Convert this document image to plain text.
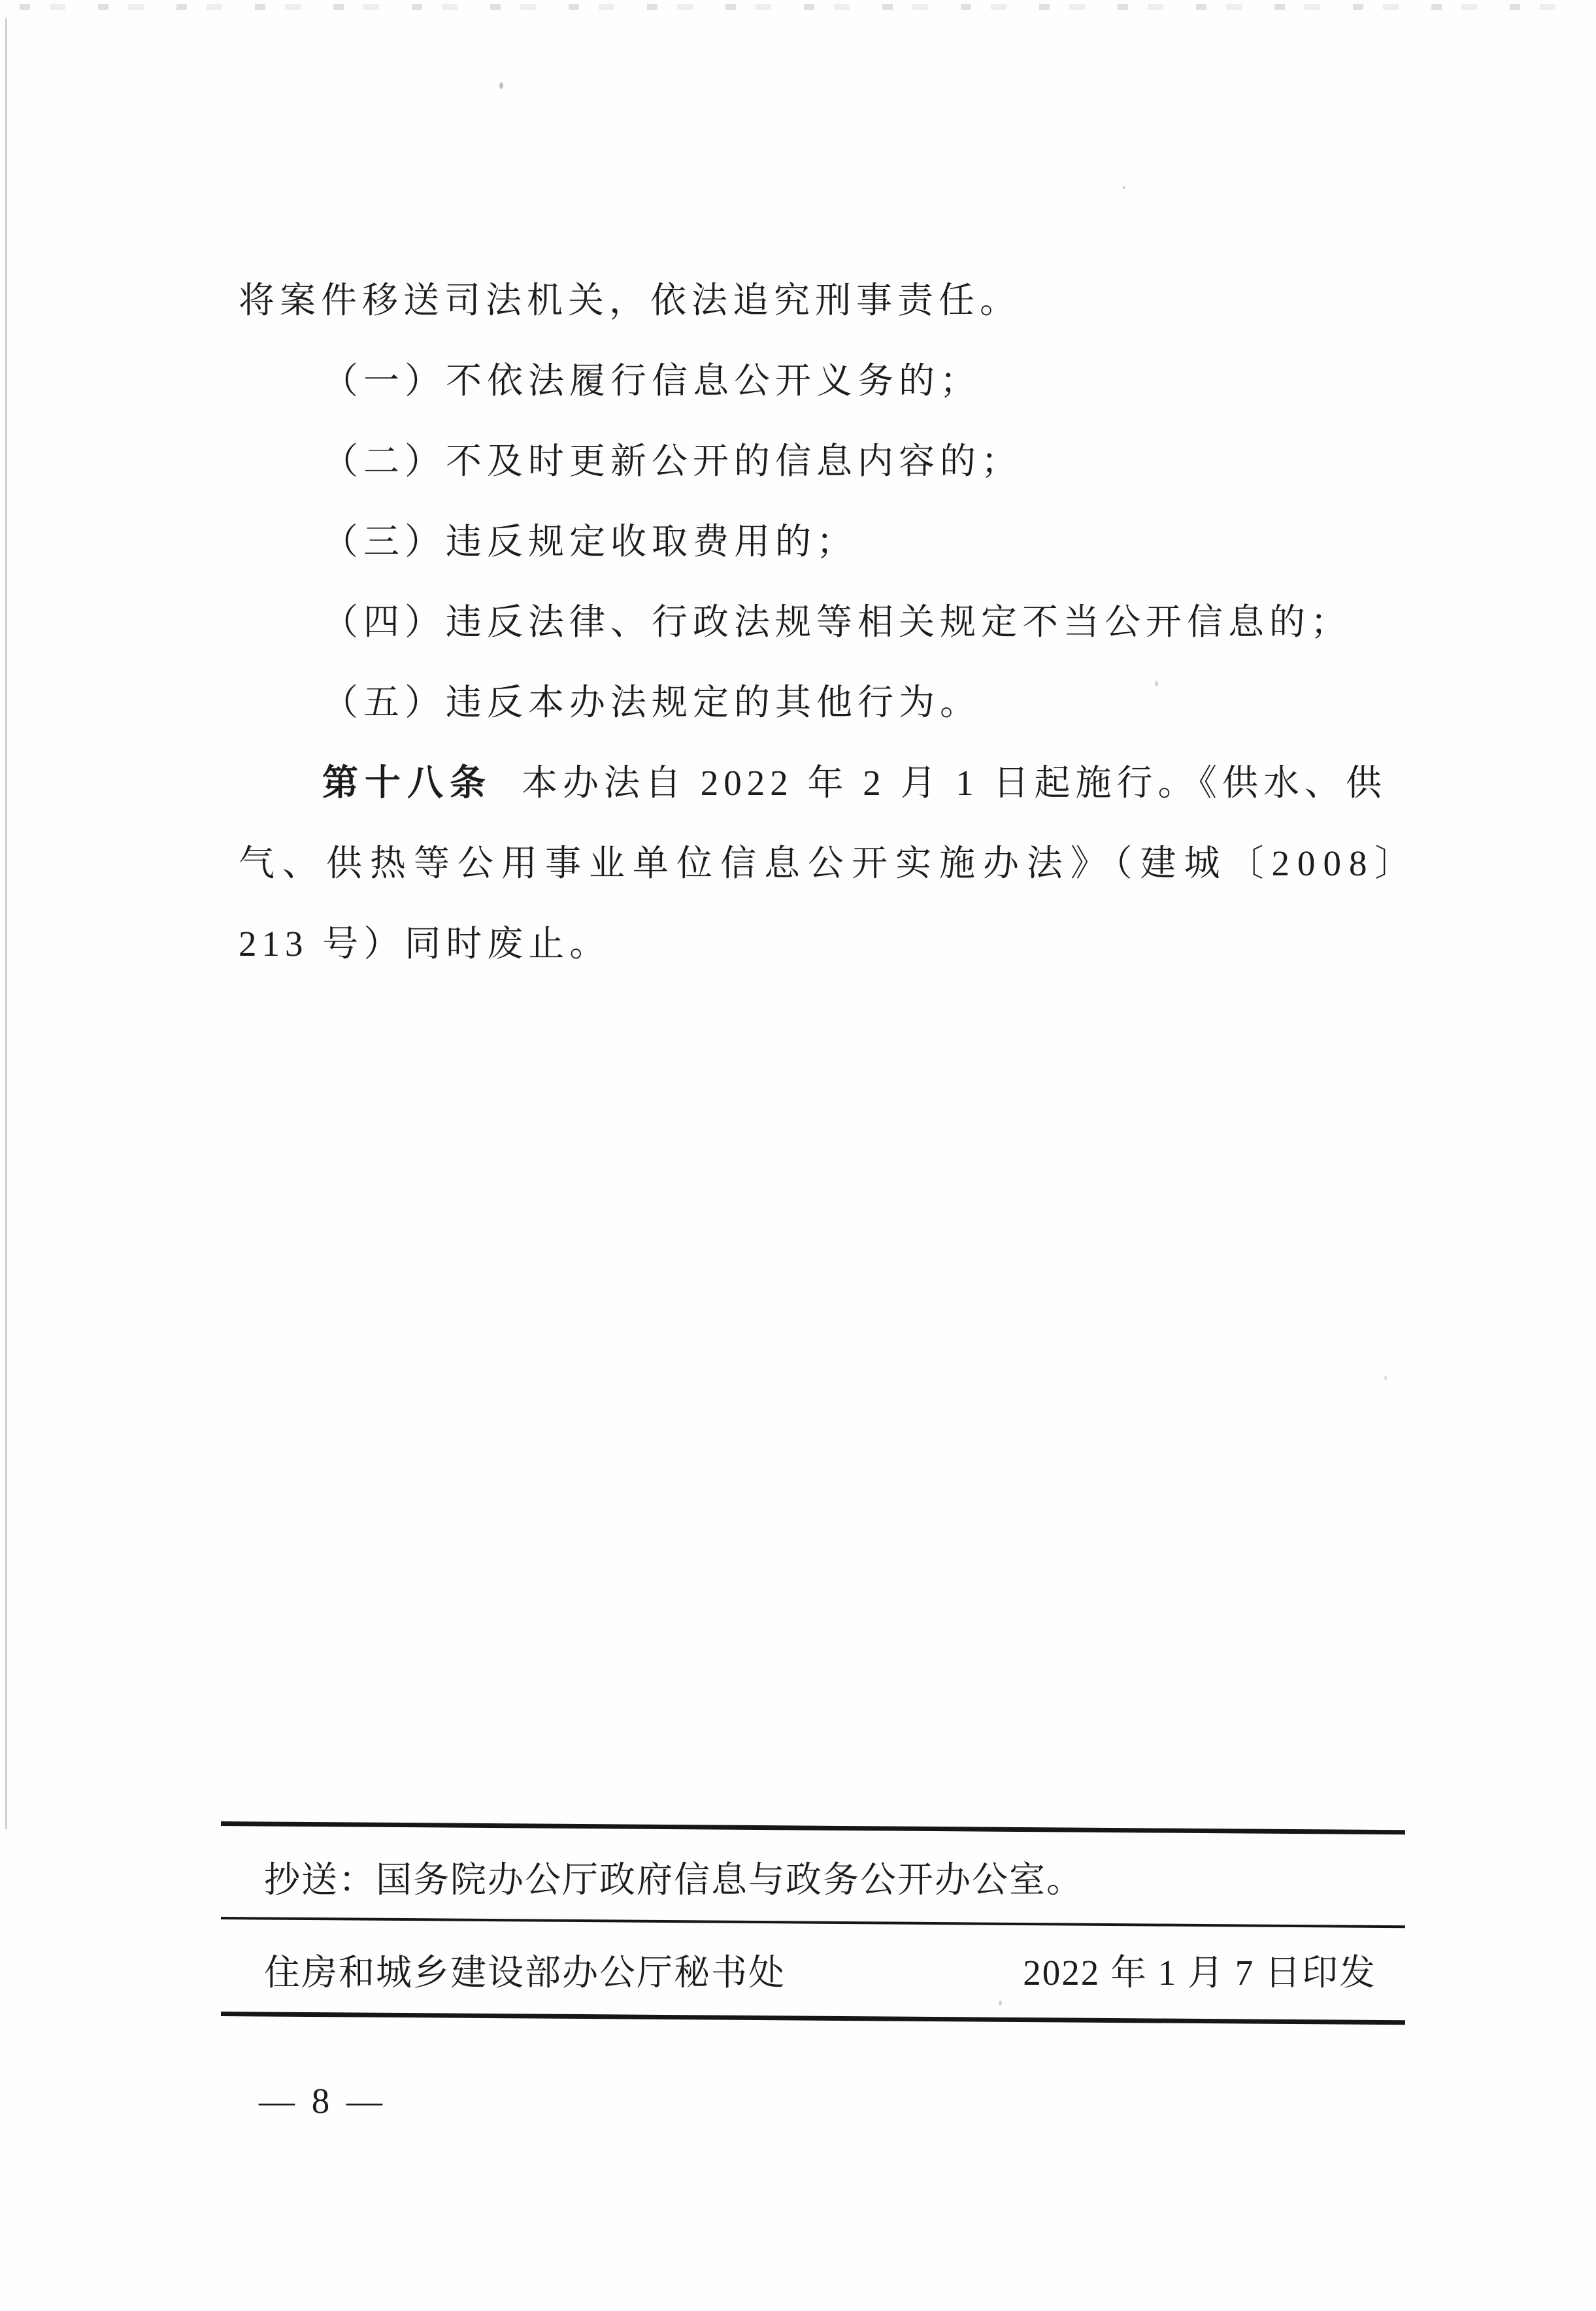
将案件移送司法机关，依法追究刑事责任。
（一）不依法履行信息公开义务的；
（二）不及时更新公开的信息内容的；
（三）违反规定收取费用的；
（四）违反法律、行政法规等相关规定不当公开信息的；
（五）违反本办法规定的其他行为。
第十八条 本办法自 2022 年 2 月 1 日起施行。《供水、供
气、供热等公用事业单位信息公开实施办法》（建城〔2008〕
213 号）同时废止。
抄送：国务院办公厅政府信息与政务公开办公室。
住房和城乡建设部办公厅秘书处	2022 年 1 月 7 日印发
— 8 —
